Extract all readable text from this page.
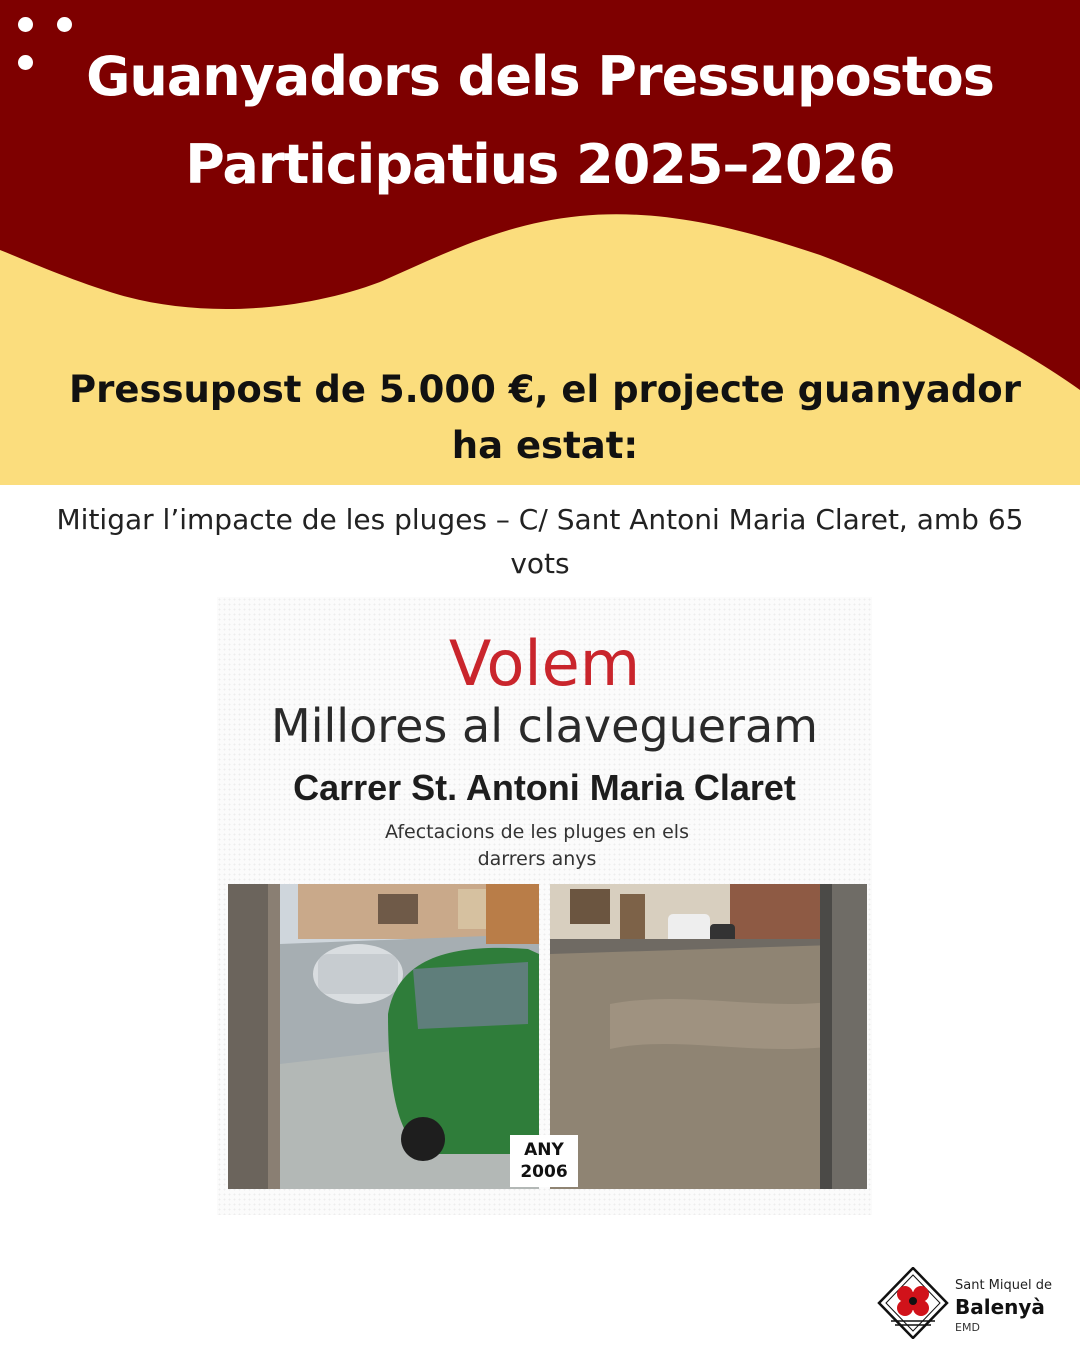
Guanyadors dels Pressupostos
Participatius 2025–2026

Pressupost de 5.000 €, el projecte guanyador ha estat:

Mitigar l’impacte de les pluges – C/ Sant Antoni Maria Claret, amb 65 vots

Volem
Millores al clavegueram
Carrer St. Antoni Maria Claret
Afectacions de les pluges en els
darrers anys
ANY
2006
Sant Miquel de
Balenyà
EMD
